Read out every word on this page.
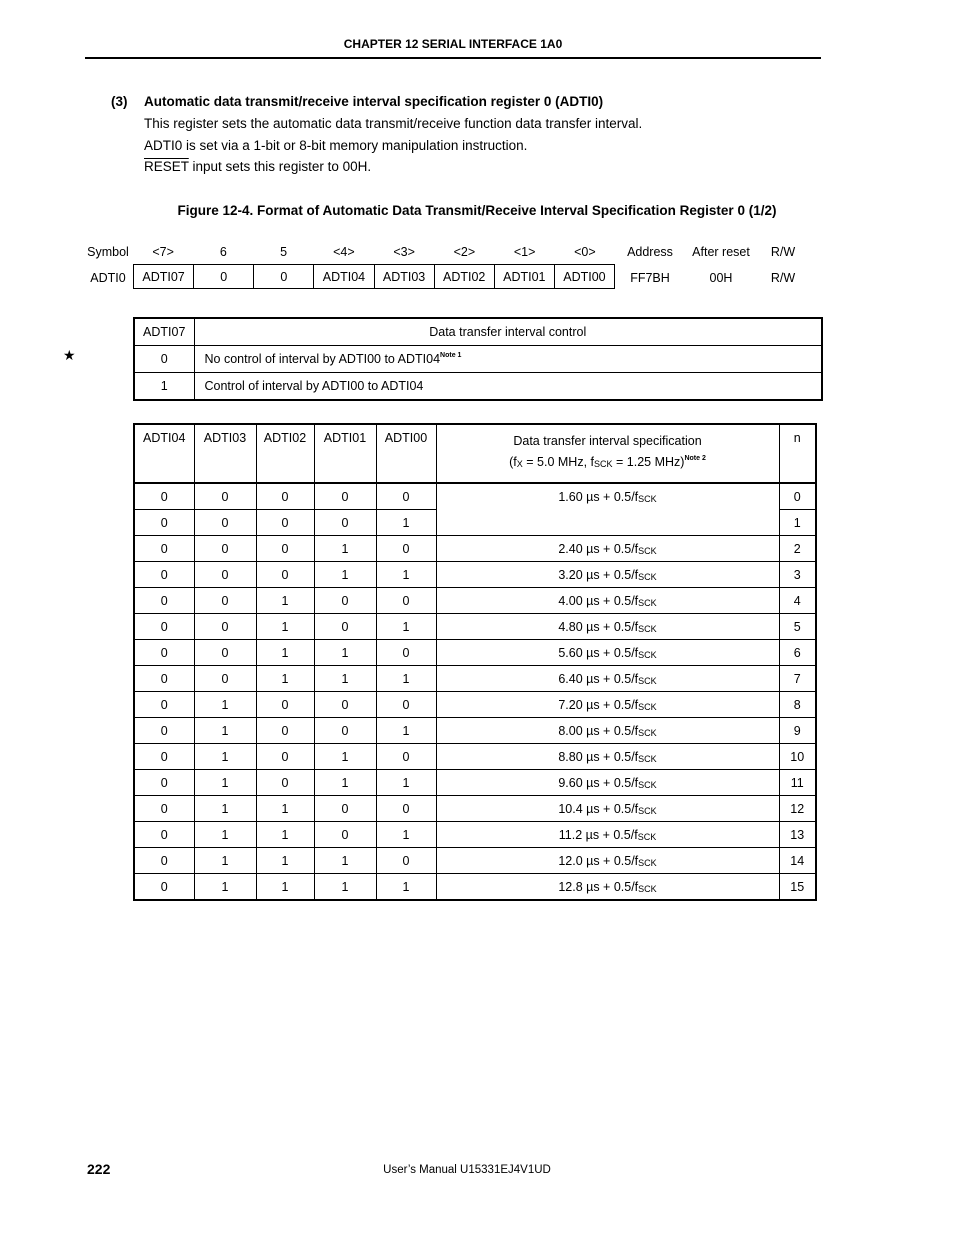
CHAPTER 12 SERIAL INTERFACE 1A0
(3) Automatic data transmit/receive interval specification register 0 (ADTI0)
This register sets the automatic data transmit/receive function data transfer interval.
ADTI0 is set via a 1-bit or 8-bit memory manipulation instruction.
RESET input sets this register to 00H.
Figure 12-4. Format of Automatic Data Transmit/Receive Interval Specification Register 0 (1/2)
Symbol	<7>	6	5	<4>	<3>	<2>	<1>	<0>	Address	After reset	R/W
ADTI0	ADTI07	0	0	ADTI04	ADTI03	ADTI02	ADTI01	ADTI00	FF7BH	00H	R/W
★
ADTI07	Data transfer interval control
0	No control of interval by ADTI00 to ADTI04$^{Note 1}$
1	Control of interval by ADTI00 to ADTI04
ADTI04	ADTI03	ADTI02	ADTI01	ADTI00	Data transfer interval specification
($f_X = 5.0$ MHz, $f_{SCK} = 1.25$ MHz)$^{Note 2}$	n
0	0	0	0	0	1.60 $\mu s + 0.5/f_{SCK}$	0
0	0	0	0	1		1
0	0	0	1	0	2.40 $\mu s + 0.5/f_{SCK}$	2
0	0	0	1	1	3.20 $\mu s + 0.5/f_{SCK}$	3
0	0	1	0	0	4.00 $\mu s + 0.5/f_{SCK}$	4
0	0	1	0	1	4.80 $\mu s + 0.5/f_{SCK}$	5
0	0	1	1	0	5.60 $\mu s + 0.5/f_{SCK}$	6
0	0	1	1	1	6.40 $\mu s + 0.5/f_{SCK}$	7
0	1	0	0	0	7.20 $\mu s + 0.5/f_{SCK}$	8
0	1	0	0	1	8.00 $\mu s + 0.5/f_{SCK}$	9
0	1	0	1	0	8.80 $\mu s + 0.5/f_{SCK}$	10
0	1	0	1	1	9.60 $\mu s + 0.5/f_{SCK}$	11
0	1	1	0	0	10.4 $\mu s + 0.5/f_{SCK}$	12
0	1	1	0	1	11.2 $\mu s + 0.5/f_{SCK}$	13
0	1	1	1	0	12.0 $\mu s + 0.5/f_{SCK}$	14
0	1	1	1	1	12.8 $\mu s + 0.5/f_{SCK}$	15
222	User’s Manual U15331EJ4V1UD
